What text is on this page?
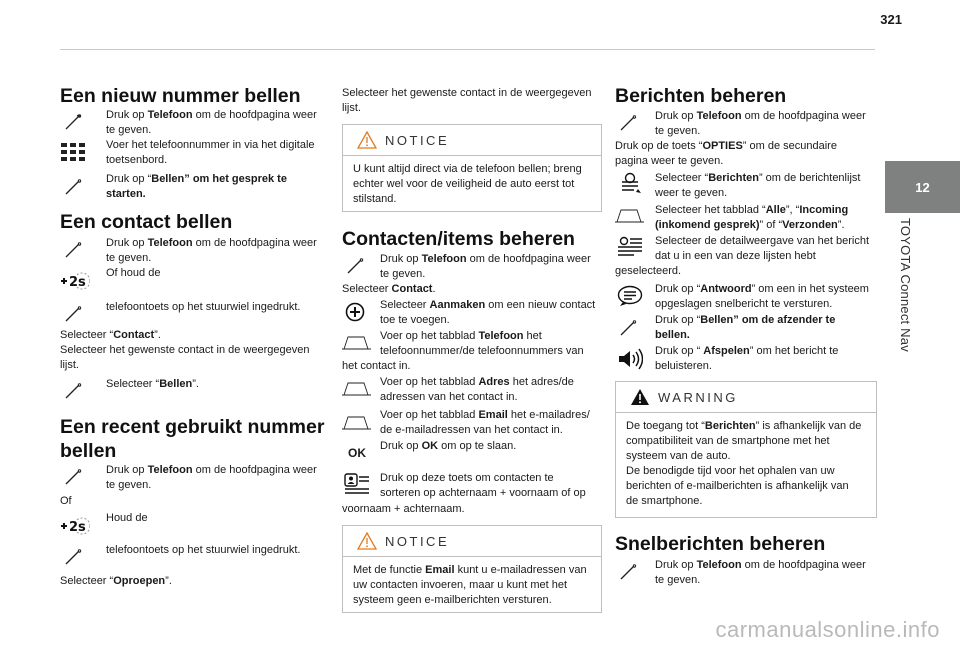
321
12
TOYOTA Connect Nav
carmanualsonline.info
Een nieuw nummer bellen
Druk op Telefoon om de hoofdpagina weer
te geven.
Voer het telefoonnummer in via het digitale
toetsenbord.
Druk op “Bellen” om het gesprek te
starten.
Een contact bellen
Druk op Telefoon om de hoofdpagina weer
te geven.
2s
Of houd de
telefoontoets op het stuurwiel ingedrukt.
Selecteer “Contact”.
Selecteer het gewenste contact in de weergegeven
lijst.
Selecteer “Bellen”.
Een recent gebruikt nummer
bellen
Druk op Telefoon om de hoofdpagina weer
te geven.
Of
2s
Houd de
telefoontoets op het stuurwiel ingedrukt.
Selecteer “Oproepen”.
Selecteer het gewenste contact in de weergegeven
lijst.
NOTICE
U kunt altijd direct via de telefoon bellen; breng
echter wel voor de veiligheid de auto eerst tot
stilstand.
Contacten/items beheren
Druk op Telefoon om de hoofdpagina weer
te geven.
Selecteer Contact.
Selecteer Aanmaken om een nieuw contact
toe te voegen.
Voer op het tabblad Telefoon het
telefoonnummer/de telefoonnummers van
het contact in.
Voer op het tabblad Adres het adres/de
adressen van het contact in.
Voer op het tabblad Email het e-mailadres/
de e-mailadressen van het contact in.
OK Druk op OK om op te slaan.
Druk op deze toets om contacten te
sorteren op achternaam + voornaam of op
voornaam + achternaam.
NOTICE
Met de functie Email kunt u e-mailadressen van
uw contacten invoeren, maar u kunt met het
systeem geen e-mailberichten versturen.
Berichten beheren
Druk op Telefoon om de hoofdpagina weer
te geven.
Druk op de toets “OPTIES” om de secundaire
pagina weer te geven.
Selecteer “Berichten” om de berichtenlijst
weer te geven.
Selecteer het tabblad “Alle”, “Incoming
(inkomend gesprek)” of “Verzonden”.
Selecteer de detailweergave van het bericht
dat u in een van deze lijsten hebt
geselecteerd.
Druk op “Antwoord” om een in het systeem
opgeslagen snelbericht te versturen.
Druk op “Bellen” om de afzender te
bellen.
Druk op “ Afspelen” om het bericht te
beluisteren.
WARNING
De toegang tot “Berichten” is afhankelijk van de
compatibiliteit van de smartphone met het
systeem van de auto.
De benodigde tijd voor het ophalen van uw
berichten of e-mailberichten is afhankelijk van
de smartphone.
Snelberichten beheren
Druk op Telefoon om de hoofdpagina weer
te geven.
